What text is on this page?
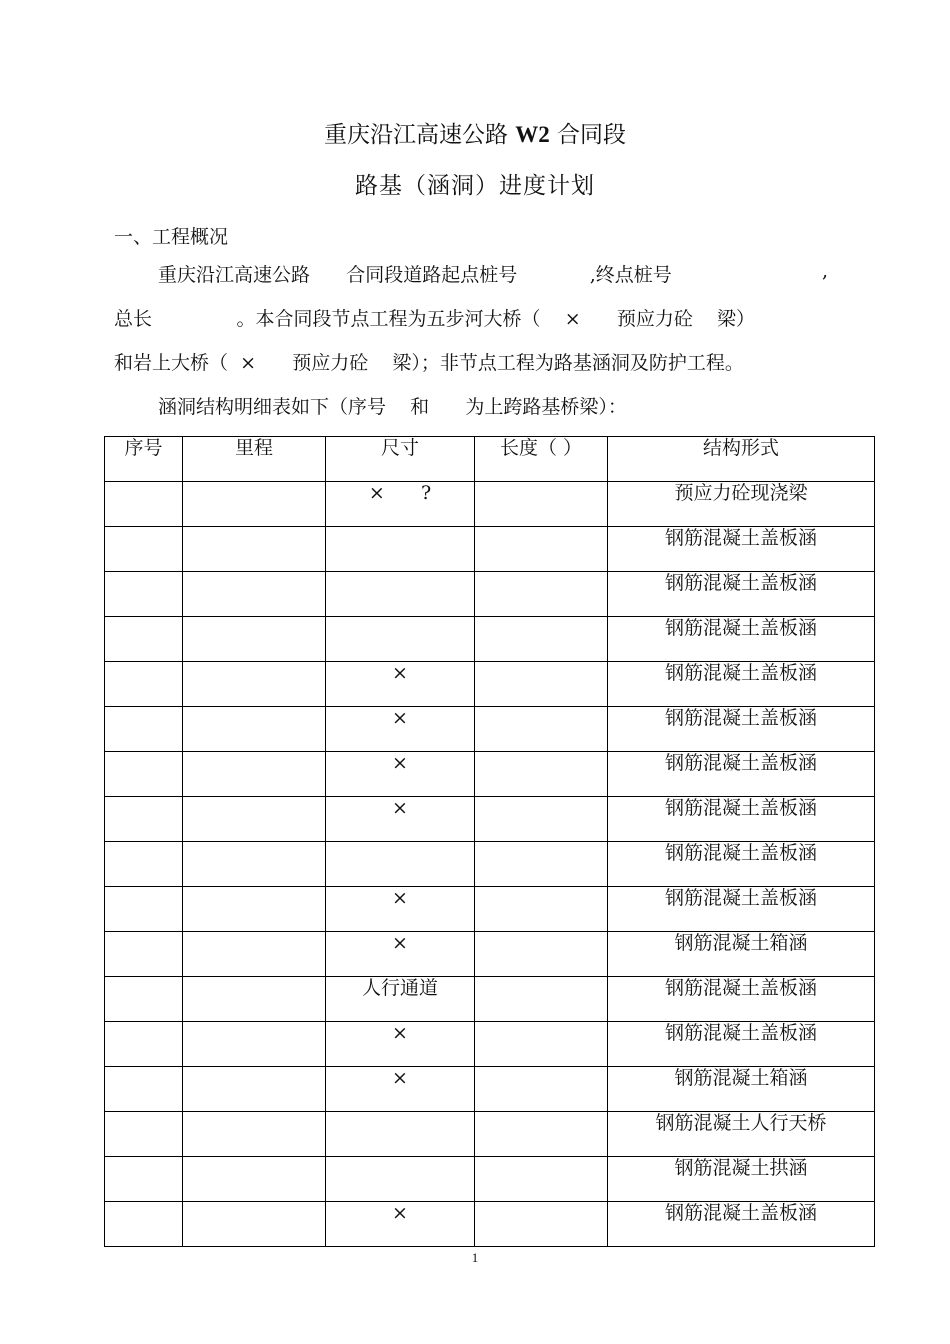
重庆沿江高速公路 W2 合同段
路基（涵洞）进度计划
一、工程概况
重庆沿江高速公路      合同段道路起点桩号            ,终点桩号	,
总长              。本合同段节点工程为五步河大桥（    ×      预应力砼    梁）
和岩上大桥（  ×      预应力砼    梁）；非节点工程为路基涵洞及防护工程。
涵洞结构明细表如下（序号    和      为上跨路基桥梁）：
序号	里程	尺寸	长度（ ）	结构形式
		×      ?		预应力砼现浇梁
				钢筋混凝土盖板涵
				钢筋混凝土盖板涵
				钢筋混凝土盖板涵
		×		钢筋混凝土盖板涵
		×		钢筋混凝土盖板涵
		×		钢筋混凝土盖板涵
		×		钢筋混凝土盖板涵
				钢筋混凝土盖板涵
		×		钢筋混凝土盖板涵
		×		钢筋混凝土箱涵
		人行通道		钢筋混凝土盖板涵
		×		钢筋混凝土盖板涵
		×		钢筋混凝土箱涵
				钢筋混凝土人行天桥
				钢筋混凝土拱涵
		×		钢筋混凝土盖板涵
1
